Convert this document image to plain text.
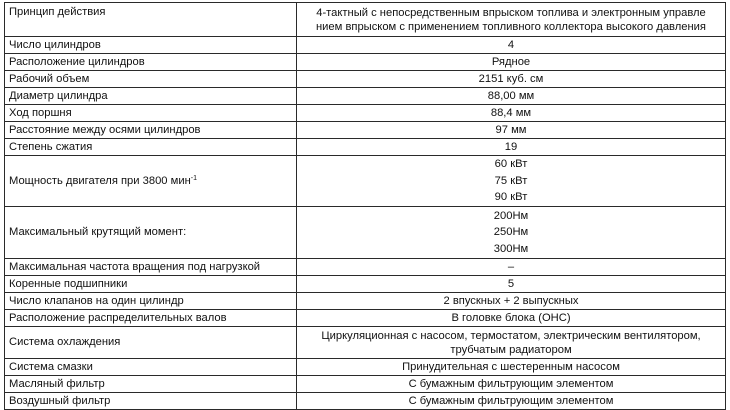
Принцип действия	4-тактный с непосредственным впрыском топлива и электронным управле
нием впрыском с применением топливного коллектора высокого давления

Число цилиндров	4
Расположение цилиндров	Рядное
Рабочий объем	2151 куб. см
Диаметр цилиндра	88,00 мм
Ход поршня	88,4 мм
Расстояние между осями цилиндров	97 мм
Степень сжатия	19
Мощность двигателя при 3800 мин$^{-1}$	60 кВт
75 кВт
90 кВт

Максимальный крутящий момент:	200Нм
250Нм
300Нм

Максимальная частота вращения под нагрузкой	–
Коренные подшипники	5
Число клапанов на один цилиндр	2 впускных + 2 выпускных
Расположение распределительных валов	В головке блока (ОНС)
Система охлаждения	Циркуляционная с насосом, термостатом, электрическим вентилятором,
трубчатым радиатором

Система смазки	Принудительная с шестеренным насосом
Масляный фильтр	С бумажным фильтрующим элементом
Воздушный фильтр	С бумажным фильтрующим элементом
